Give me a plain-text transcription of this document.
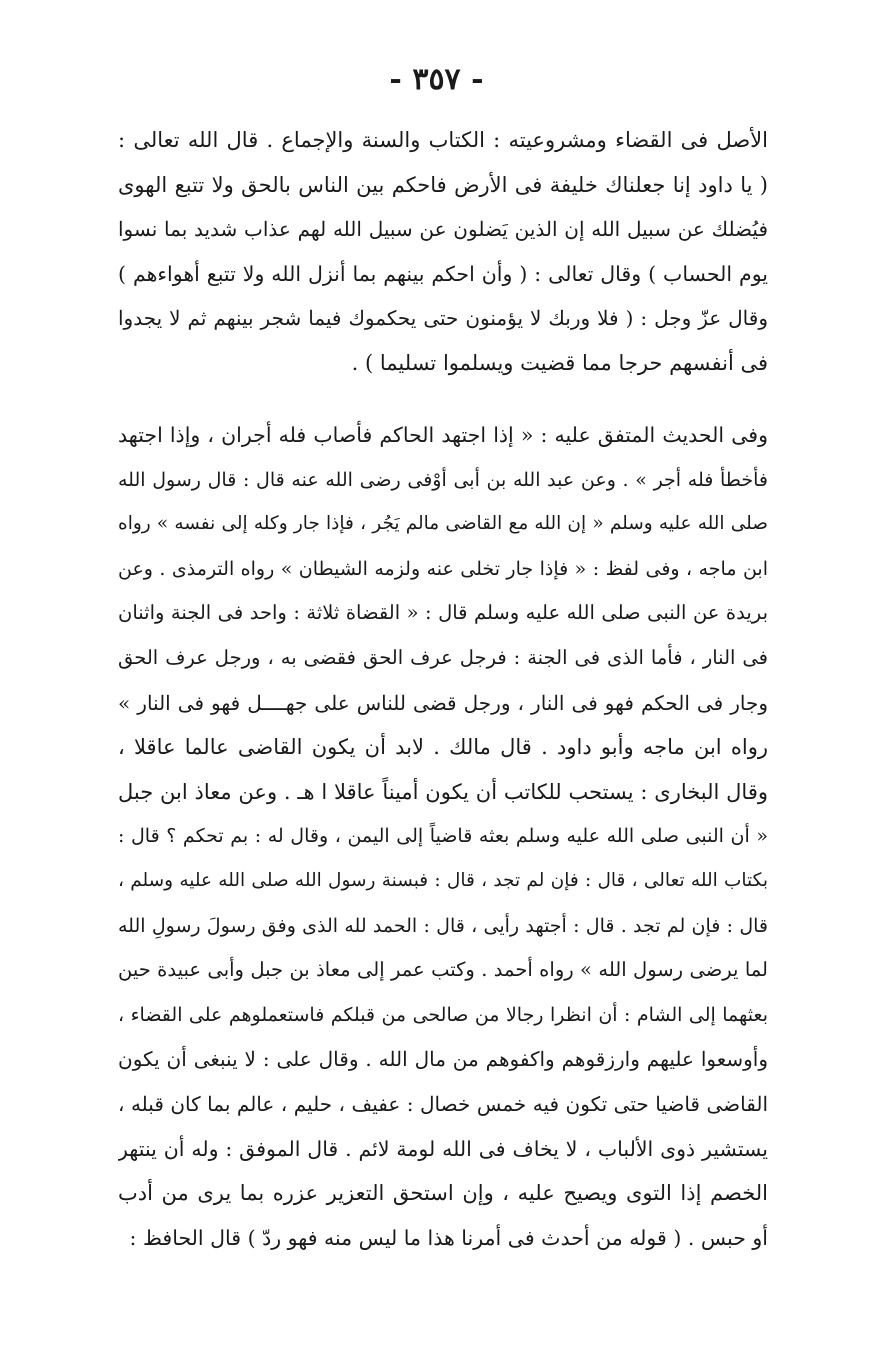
- ٣٥٧ -
الأصل فى القضاء ومشروعيته : الكتاب والسنة والإجماع . قال الله تعالى :
( يا داود إنا جعلناك خليفة فى الأرض فاحكم بين الناس بالحق ولا تتبع الهوى
فيُضلك عن سبيل الله إن الذين يَضلون عن سبيل الله لهم عذاب شديد بما نسوا
يوم الحساب ) وقال تعالى : ( وأن احكم بينهم بما أنزل الله ولا تتبع أهواءهم )
وقال عزّ وجل : ( فلا وربك لا يؤمنون حتى يحكموك فيما شجر بينهم ثم لا يجدوا
فى أنفسهم حرجا مما قضيت ويسلموا تسليما ) .
وفى الحديث المتفق عليه : « إذا اجتهد الحاكم فأصاب فله أجران ، وإذا اجتهد
فأخطأ فله أجر » . وعن عبد الله بن أبى أوْفى رضى الله عنه قال : قال رسول الله
صلى الله عليه وسلم « إن الله مع القاضى مالم يَجُر ، فإذا جار وكله إلى نفسه » رواه
ابن ماجه ، وفى لفظ : « فإذا جار تخلى عنه ولزمه الشيطان » رواه الترمذى . وعن
بريدة عن النبى صلى الله عليه وسلم قال : « القضاة ثلاثة : واحد فى الجنة واثنان
فى النار ، فأما الذى فى الجنة : فرجل عرف الحق فقضى به ، ورجل عرف الحق
وجار فى الحكم فهو فى النار ، ورجل قضى للناس على جهــــل فهو فى النار »
رواه ابن ماجه وأبو داود . قال مالك . لابد أن يكون القاضى عالما عاقلا ،
وقال البخارى : يستحب للكاتب أن يكون أميناً عاقلا ا هـ . وعن معاذ ابن جبل
« أن النبى صلى الله عليه وسلم بعثه قاضياً إلى اليمن ، وقال له : بم تحكم ؟ قال :
بكتاب الله تعالى ، قال : فإن لم تجد ، قال : فبسنة رسول الله صلى الله عليه وسلم ،
قال : فإن لم تجد . قال : أجتهد رأيى ، قال : الحمد لله الذى وفق رسولَ رسولِ الله
لما يرضى رسول الله » رواه أحمد . وكتب عمر إلى معاذ بن جبل وأبى عبيدة حين
بعثهما إلى الشام : أن انظرا رجالا من صالحى من قبلكم فاستعملوهم على القضاء ،
وأوسعوا عليهم وارزقوهم واكفوهم من مال الله . وقال على : لا ينبغى أن يكون
القاضى قاضيا حتى تكون فيه خمس خصال : عفيف ، حليم ، عالم بما كان قبله ،
يستشير ذوى الألباب ، لا يخاف فى الله لومة لائم . قال الموفق : وله أن ينتهر
الخصم إذا التوى ويصيح عليه ، وإن استحق التعزير عزره بما يرى من أدب
أو حبس . ( قوله من أحدث فى أمرنا هذا ما ليس منه فهو ردّ ) قال الحافظ :
